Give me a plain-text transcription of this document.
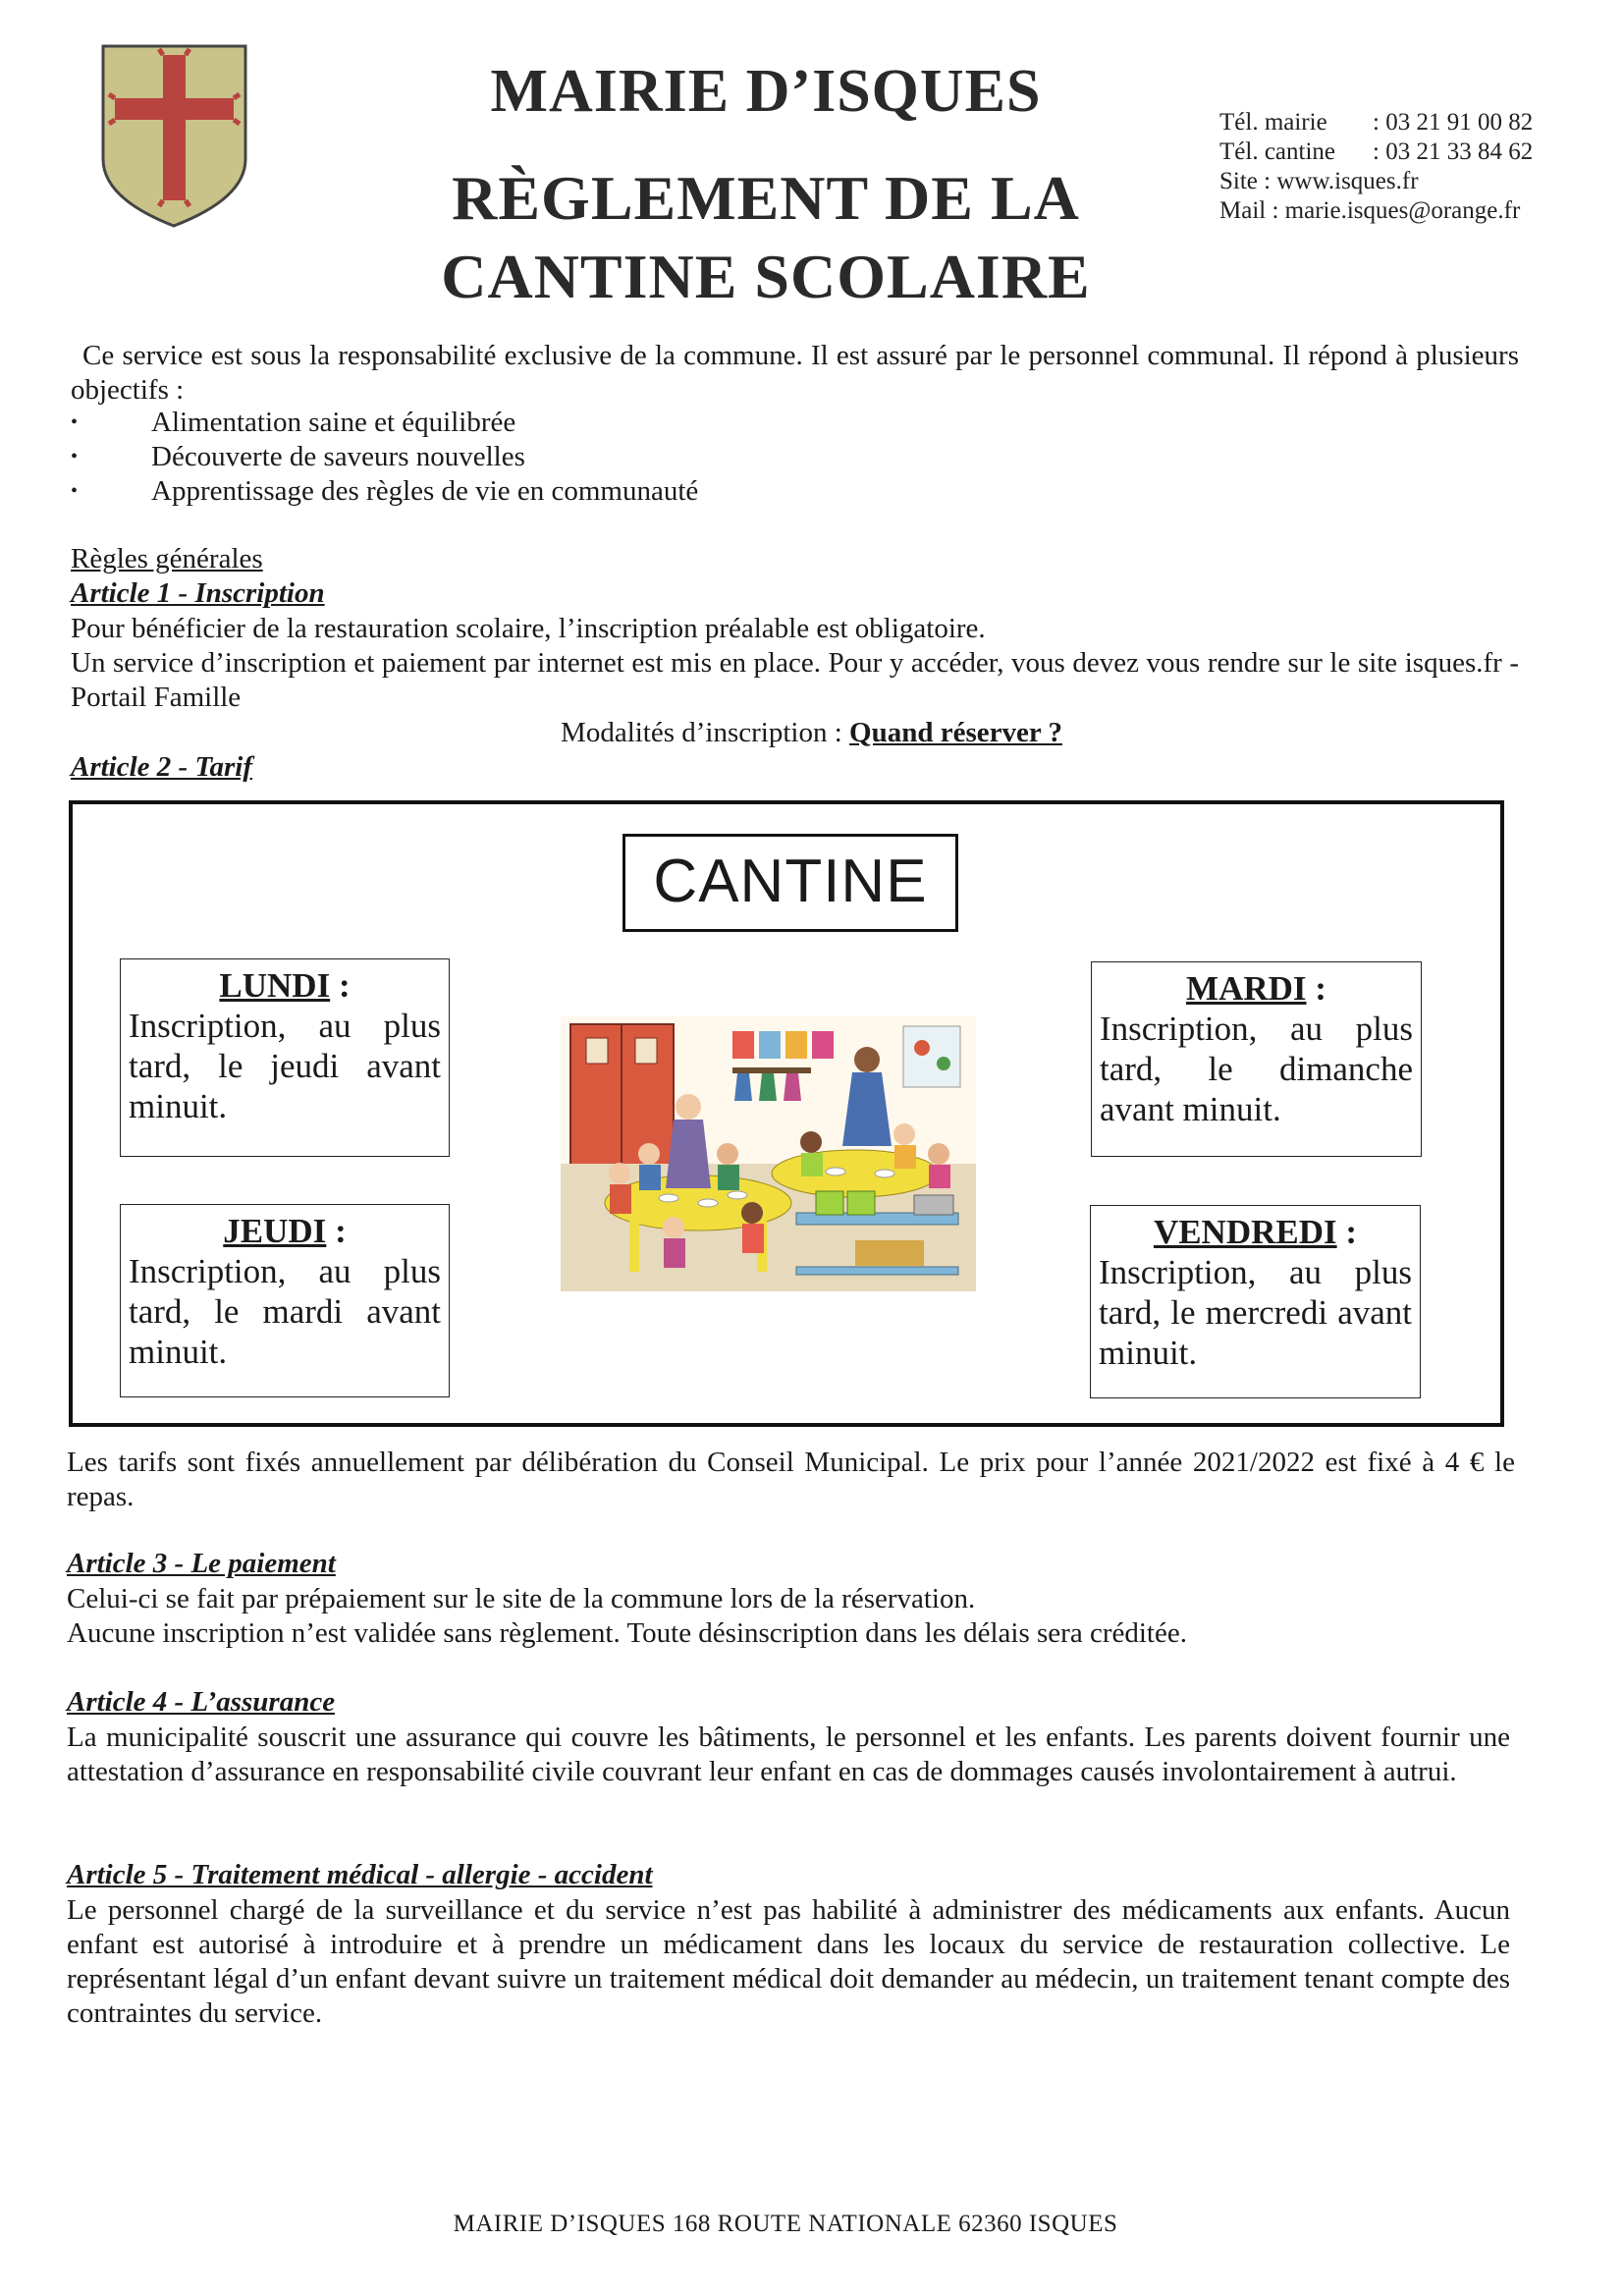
MAIRIE D’ISQUES
RÈGLEMENT DE LA
CANTINE SCOLAIRE
Tél. mairie : 03 21 91 00 82
Tél. cantine : 03 21 33 84 62
Site : www.isques.fr
Mail : marie.isques@orange.fr

Ce service est sous la responsabilité exclusive de la commune. Il est assuré par le personnel communal. Il répond à plusieurs objectifs :

• Alimentation saine et équilibrée
• Découverte de saveurs nouvelles
• Apprentissage des règles de vie en communauté
Règles générales
Article 1 - Inscription
Pour bénéficier de la restauration scolaire, l’inscription préalable est obligatoire.
Un service d’inscription et paiement par internet est mis en place. Pour y accéder, vous devez vous rendre sur le site isques.fr - Portail Famille
Modalités d’inscription : Quand réserver ?
Article 2 - Tarif
CANTINE
LUNDI :
Inscription, au plus tard, le jeudi avant minuit.
MARDI :
Inscription, au plus tard, le dimanche avant minuit.
JEUDI :
Inscription, au plus tard, le mardi avant minuit.
VENDREDI :
Inscription, au plus tard, le mercredi avant minuit.
Les tarifs sont fixés annuellement par délibération du Conseil Municipal. Le prix pour l’année 2021/2022 est fixé à 4 € le repas.
Article 3 - Le paiement
Celui-ci se fait par prépaiement sur le site de la commune lors de la réservation.
Aucune inscription n’est validée sans règlement. Toute désinscription dans les délais sera créditée.
Article 4 - L’assurance
La municipalité souscrit une assurance qui couvre les bâtiments, le personnel et les enfants. Les parents doivent fournir une attestation d’assurance en responsabilité civile couvrant leur enfant en cas de dommages causés involontairement à autrui.
Article 5 - Traitement médical - allergie - accident
Le personnel chargé de la surveillance et du service n’est pas habilité à administrer des médicaments aux enfants. Aucun enfant est autorisé à introduire et à prendre un médicament dans les locaux du service de restauration collective. Le représentant légal d’un enfant devant suivre un traitement médical doit demander au médecin, un traitement tenant compte des contraintes du service.
MAIRIE D’ISQUES 168 ROUTE NATIONALE 62360 ISQUES
